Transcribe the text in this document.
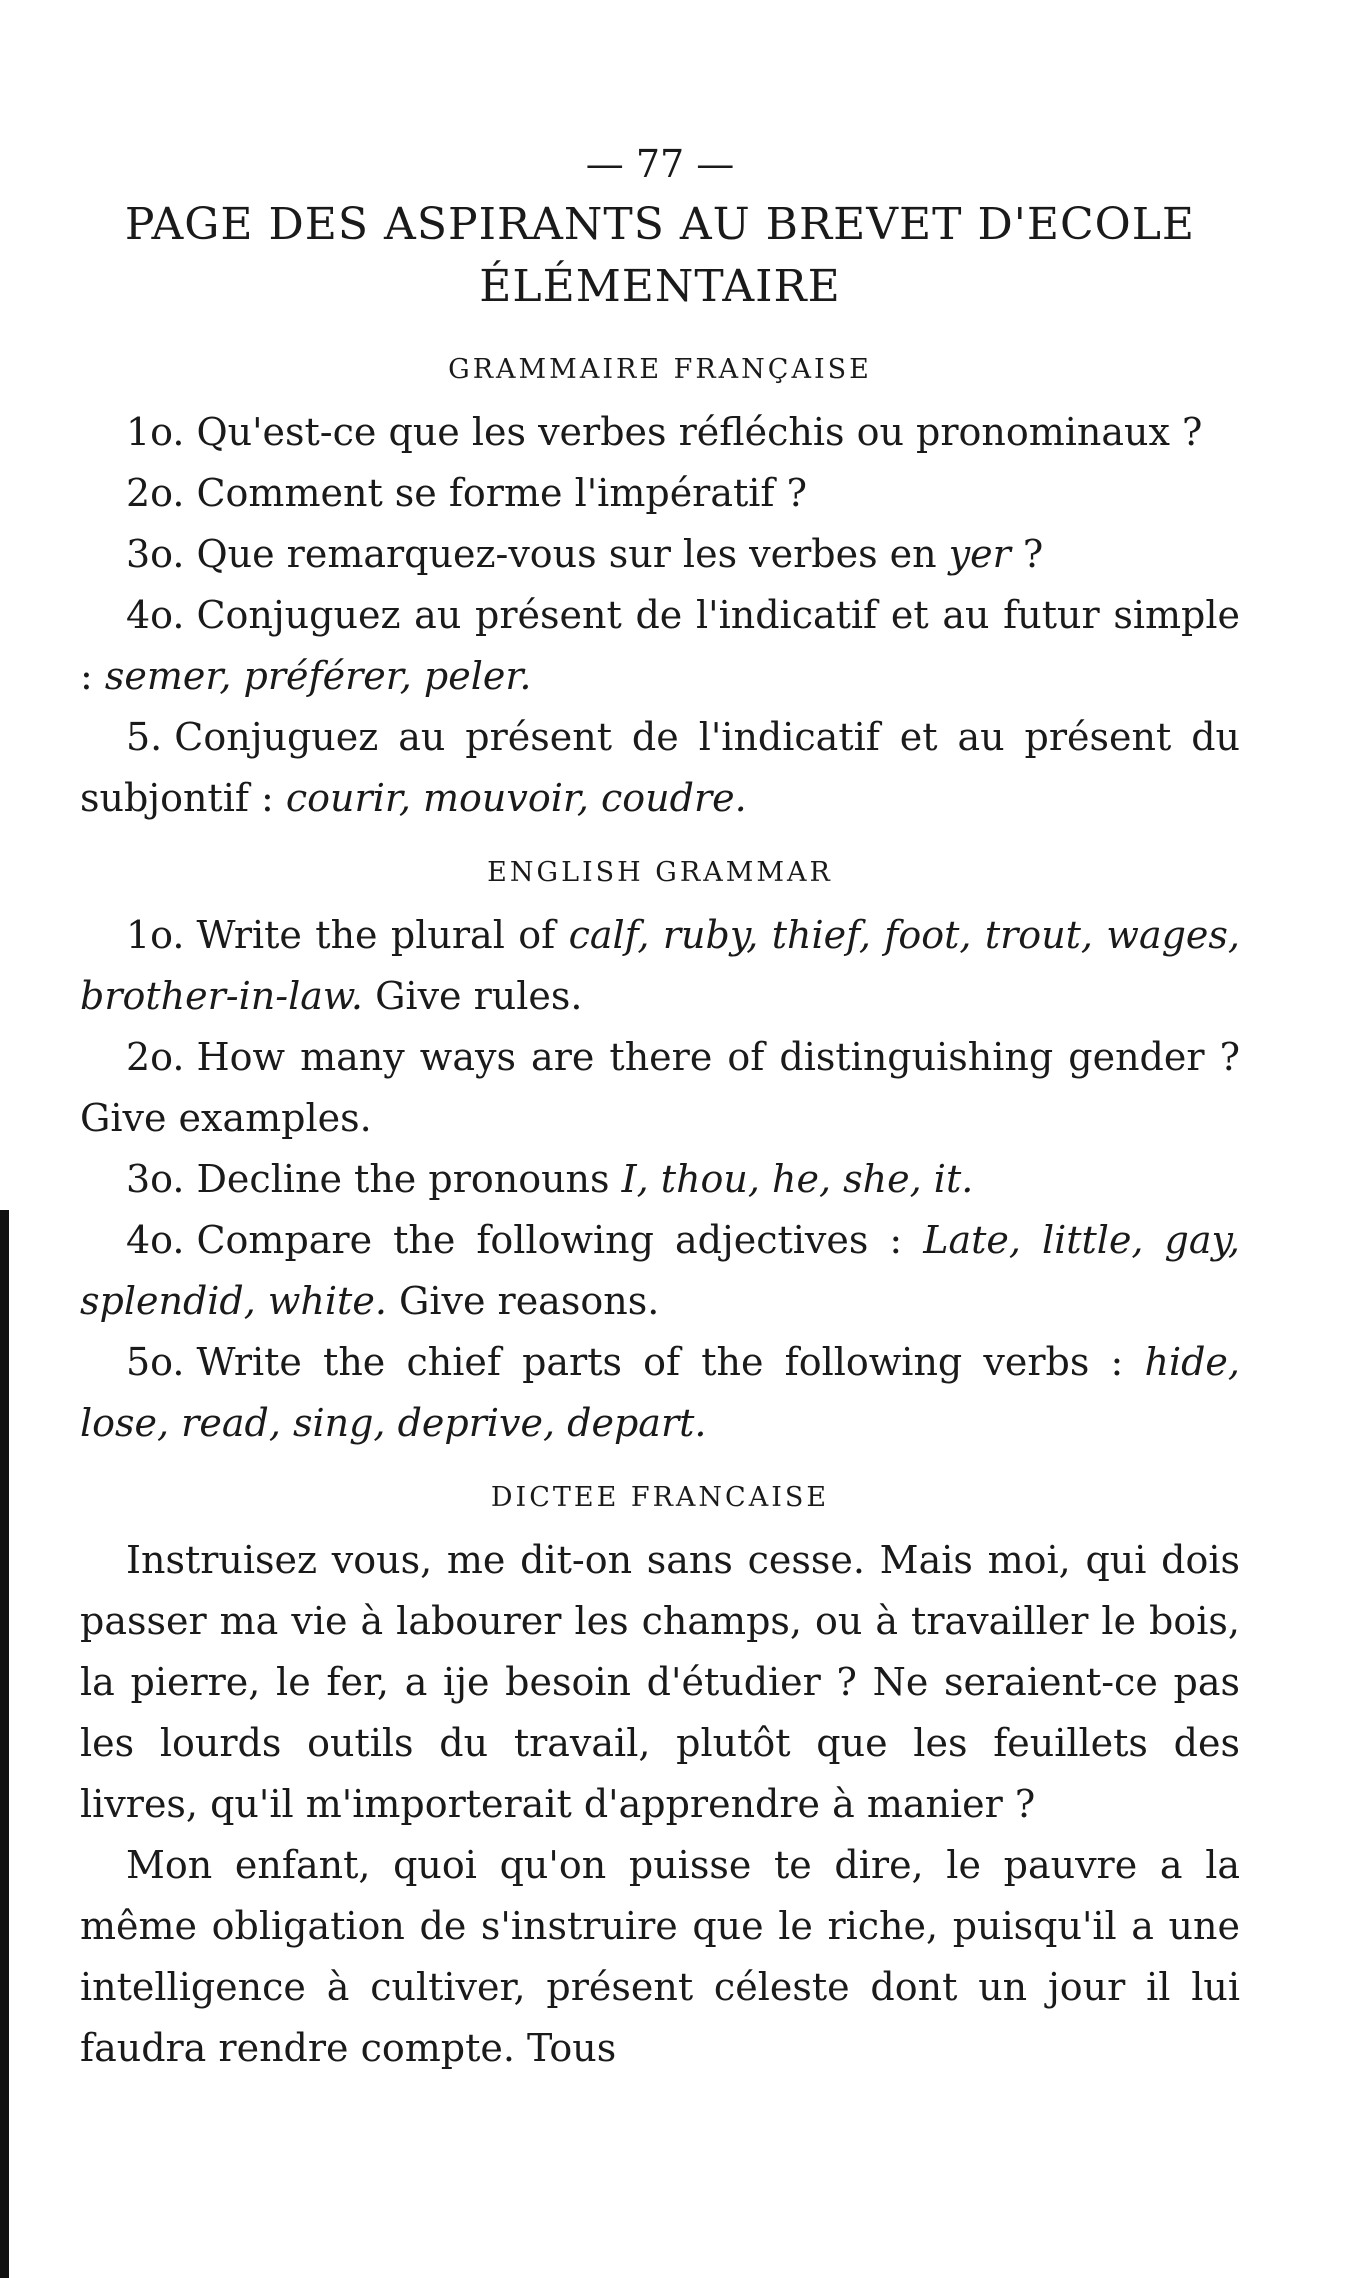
— 77 —
PAGE DES ASPIRANTS AU BREVET D'ECOLE
ÉLÉMENTAIRE
GRAMMAIRE FRANÇAISE

1o. Qu'est-ce que les verbes réfléchis ou pronominaux ?

2o. Comment se forme l'impératif ?

3o. Que remarquez-vous sur les verbes en yer ?

4o. Conjuguez au présent de l'indicatif et au futur simple : semer, préférer, peler.

5. Conjuguez au présent de l'indicatif et au présent du subjontif : courir, mouvoir, coudre.

ENGLISH GRAMMAR

1o. Write the plural of calf, ruby, thief, foot, trout, wages, brother-in-law. Give rules.

2o. How many ways are there of distinguishing gender ? Give examples.

3o. Decline the pronouns I, thou, he, she, it.

4o. Compare the following adjectives : Late, little, gay, splendid, white. Give reasons.

5o. Write the chief parts of the following verbs : hide, lose, read, sing, deprive, depart.

DICTEE FRANCAISE

Instruisez vous, me dit-on sans cesse. Mais moi, qui dois passer ma vie à labourer les champs, ou à travailler le bois, la pierre, le fer, a ije besoin d'étudier ? Ne seraient-ce pas les lourds outils du travail, plutôt que les feuillets des livres, qu'il m'importerait d'apprendre à manier ?

Mon enfant, quoi qu'on puisse te dire, le pauvre a la même obligation de s'instruire que le riche, puisqu'il a une intelligence à cultiver, présent céleste dont un jour il lui faudra rendre compte. Tous
